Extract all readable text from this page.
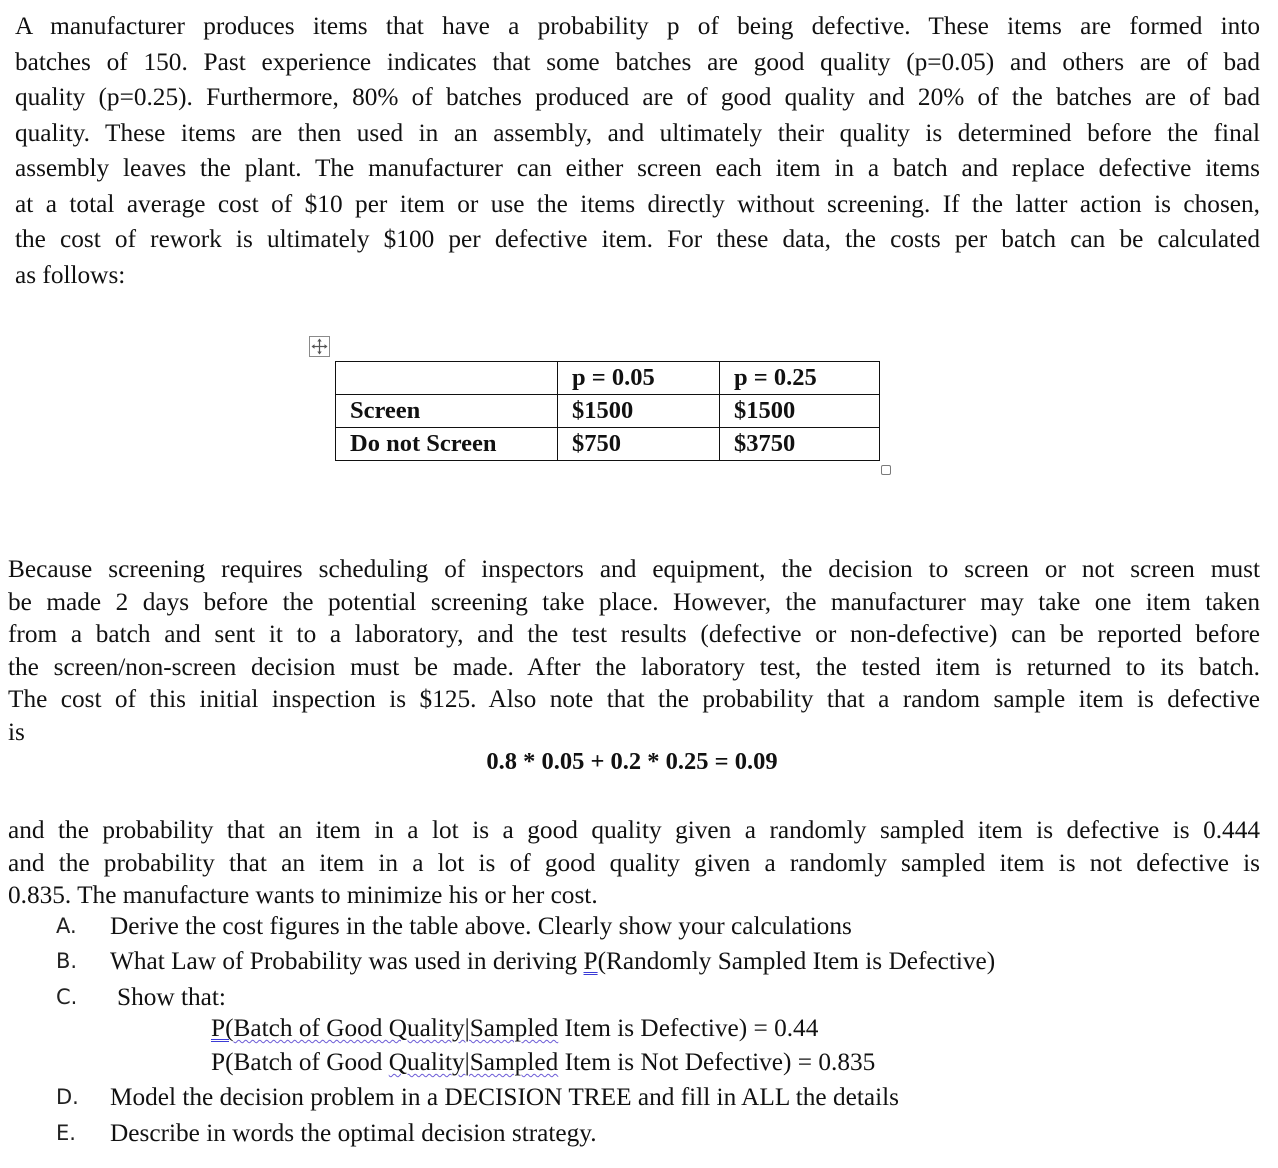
A manufacturer produces items that have a probability p of being defective. These items are formed into
batches of 150. Past experience indicates that some batches are good quality (p=0.05) and others are of bad
quality (p=0.25). Furthermore, 80% of batches produced are of good quality and 20% of the batches are of bad
quality. These items are then used in an assembly, and ultimately their quality is determined before the final
assembly leaves the plant. The manufacturer can either screen each item in a batch and replace defective items
at a total average cost of $10 per item or use the items directly without screening. If the latter action is chosen,
the cost of rework is ultimately $100 per defective item. For these data, the costs per batch can be calculated
as follows:
	p = 0.05	p = 0.25
Screen	$1500	$1500
Do not Screen	$750	$3750
Because screening requires scheduling of inspectors and equipment, the decision to screen or not screen must
be made 2 days before the potential screening take place. However, the manufacturer may take one item taken
from a batch and sent it to a laboratory, and the test results (defective or non-defective) can be reported before
the screen/non-screen decision must be made. After the laboratory test, the tested item is returned to its batch.
The cost of this initial inspection is $125. Also note that the probability that a random sample item is defective
is
0.8 * 0.05 + 0.2 * 0.25 = 0.09
and the probability that an item in a lot is a good quality given a randomly sampled item is defective is 0.444
and the probability that an item in a lot is of good quality given a randomly sampled item is not defective is
0.835. The manufacture wants to minimize his or her cost.
A. Derive the cost figures in the table above. Clearly show your calculations
B. What Law of Probability was used in deriving P(Randomly Sampled Item is Defective)
C. Show that:
P(Batch of Good Quality|Sampled Item is Defective) = 0.44
P(Batch of Good Quality|Sampled Item is Not Defective) = 0.835
D. Model the decision problem in a DECISION TREE and fill in ALL the details
E. Describe in words the optimal decision strategy.
